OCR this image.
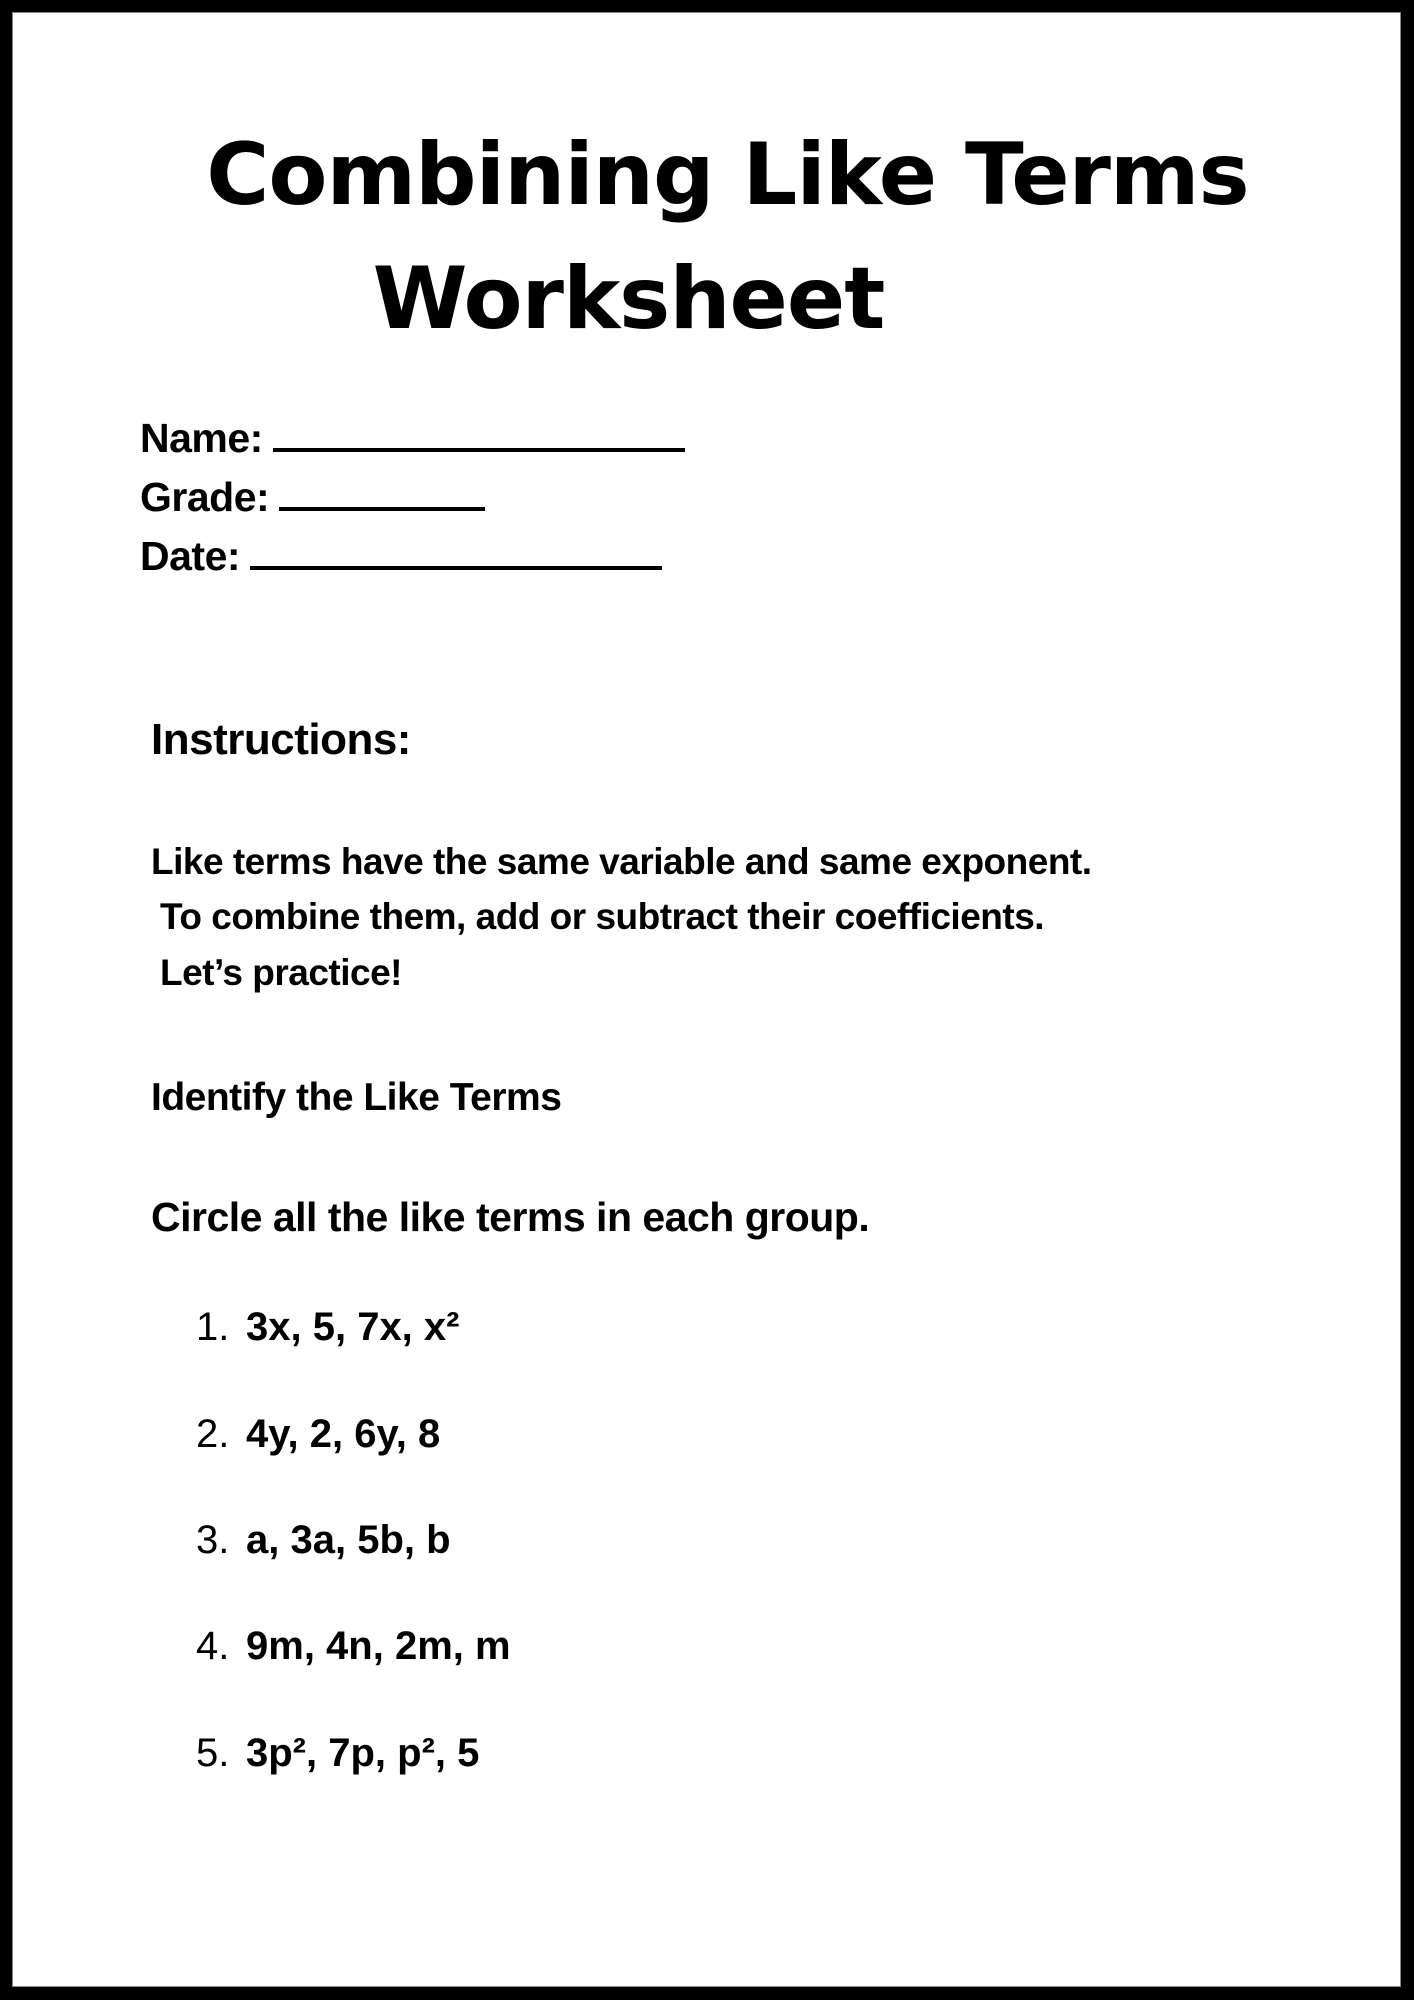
Combining Like Terms
Worksheet
Name:
Grade:
Date:
Instructions:
Like terms have the same variable and same exponent.
To combine them, add or subtract their coefficients.
Let’s practice!
Identify the Like Terms
Circle all the like terms in each group.
1. 3x, 5, 7x, x²
2. 4y, 2, 6y, 8
3. a, 3a, 5b, b
4. 9m, 4n, 2m, m
5. 3p², 7p, p², 5
